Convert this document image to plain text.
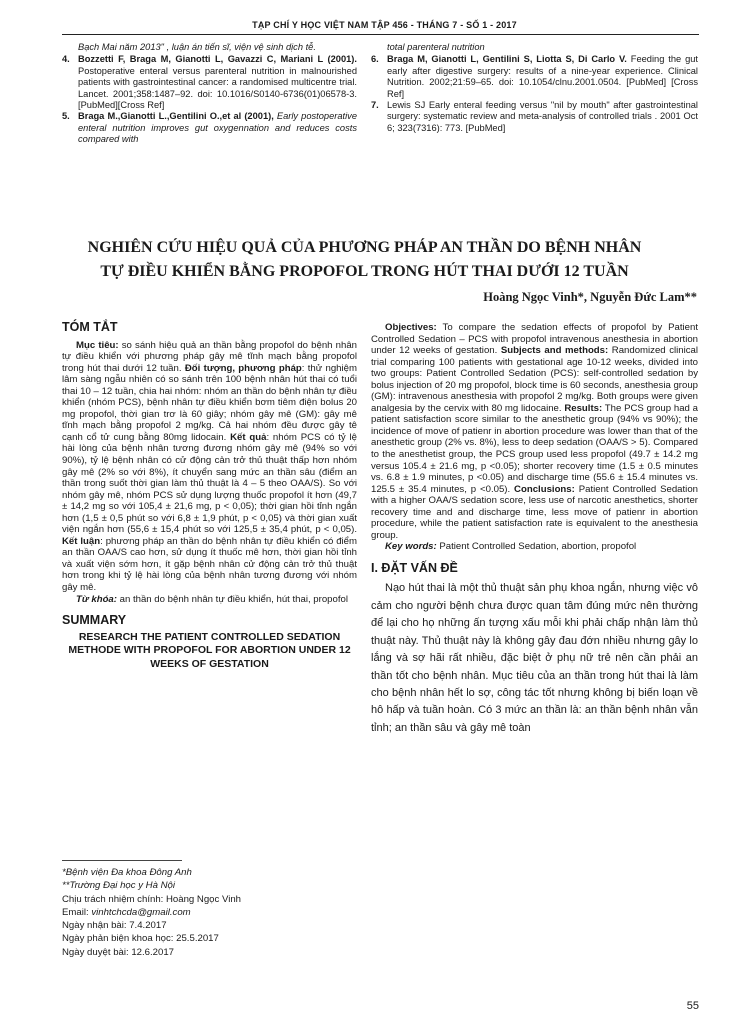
TẠP CHÍ Y HỌC VIỆT NAM TẬP 456 - THÁNG 7 - SỐ 1 - 2017

Bạch Mai năm 2013" , luận án tiến sĩ, viện vệ sinh dịch tễ.

4. Bozzetti F, Braga M, Gianotti L, Gavazzi C, Mariani L (2001). Postoperative enteral versus parenteral nutrition in malnourished patients with gastrointestinal cancer: a randomised multicentre trial. Lancet. 2001;358:1487–92. doi: 10.1016/S0140-6736(01)06578-3.[PubMed][Cross Ref]
5. Braga M.,Gianotti L.,Gentilini O.,et al (2001), Early postoperative enteral nutrition improves gut oxygennation and reduces costs compared with

total parenteral nutrition

6. Braga M, Gianotti L, Gentilini S, Liotta S, Di Carlo V. Feeding the gut early after digestive surgery: results of a nine-year experience. Clinical Nutrition. 2002;21:59–65. doi: 10.1054/clnu.2001.0504. [PubMed] [Cross Ref]
7. Lewis SJ Early enteral feeding versus "nil by mouth" after gastrointestinal surgery: systematic review and meta-analysis of controlled trials . 2001 Oct 6; 323(7316): 773. [PubMed]
NGHIÊN CỨU HIỆU QUẢ CỦA PHƯƠNG PHÁP AN THẦN DO BỆNH NHÂN
TỰ ĐIỀU KHIỂN BẰNG PROPOFOL TRONG HÚT THAI DƯỚI 12 TUẦN
Hoàng Ngọc Vinh*, Nguyễn Đức Lam**
TÓM TẮT

Mục tiêu: so sánh hiệu quả an thần bằng propofol do bệnh nhân tự điều khiển với phương pháp gây mê tĩnh mạch bằng propofol trong hút thai dưới 12 tuần. Đối tượng, phương pháp: thử nghiệm lâm sàng ngẫu nhiên có so sánh trên 100 bệnh nhân hút thai có tuổi thai 10 – 12 tuần, chia hai nhóm: nhóm an thần do bệnh nhân tự điều khiển (nhóm PCS), bệnh nhân tự điều khiển bơm tiêm điện bolus 20 mg propofol, thời gian trơ là 60 giây; nhóm gây mê (GM): gây mê tĩnh mạch bằng propofol 2 mg/kg. Cả hai nhóm đều được gây tê cạnh cổ tử cung bằng 80mg lidocain. Kết quả: nhóm PCS có tỷ lệ hài lòng của bệnh nhân tương đương nhóm gây mê (94% so với 90%), tỷ lệ bệnh nhân có cử động cản trở thủ thuật thấp hơn nhóm gây mê (2% so với 8%), ít chuyển sang mức an thần sâu (điểm an thần trong suốt thời gian làm thủ thuật là 4 – 5 theo OAA/S). So với nhóm gây mê, nhóm PCS sử dụng lượng thuốc propofol ít hơn (49,7 ± 14,2 mg so với 105,4 ± 21,6 mg, p < 0,05); thời gian hồi tỉnh ngắn hơn (1,5 ± 0,5 phút so với 6,8 ± 1,9 phút, p < 0,05) và thời gian xuất viện ngắn hơn (55,6 ± 15,4 phút so với 125,5 ± 35,4 phút, p < 0,05). Kết luận: phương pháp an thần do bệnh nhân tự điều khiển có điểm an thần OAA/S cao hơn, sử dụng ít thuốc mê hơn, thời gian hồi tỉnh và xuất viện sớm hơn, ít gặp bệnh nhân cử động cản trở thủ thuật hơn trong khi tỷ lệ hài lòng của bệnh nhân tương đương với nhóm gây mê.

Từ khóa: an thần do bệnh nhân tự điều khiển, hút thai, propofol

SUMMARY
RESEARCH THE PATIENT CONTROLLED SEDATION METHODE WITH PROPOFOL FOR ABORTION UNDER 12 WEEKS OF GESTATION
*Bệnh viện Đa khoa Đông Anh
**Trường Đại học y Hà Nội
Chịu trách nhiệm chính: Hoàng Ngọc Vinh
Email: vinhtchcda@gmail.com
Ngày nhận bài: 7.4.2017
Ngày phản biện khoa học: 25.5.2017
Ngày duyệt bài: 12.6.2017

Objectives: To compare the sedation effects of propofol by Patient Controlled Sedation – PCS with propofol intravenous anesthesia in abortion under 12 weeks of gestation. Subjects and methods: Randomized clinical trial comparing 100 patients with gestational age 10-12 weeks, divided into two groups: Patient Controlled Sedation (PCS): self-controlled sedation by bolus injection of 20 mg propofol, block time is 60 seconds, anesthesia group (GM): intravenous anesthesia with propofol 2 mg/kg. Both groups were given analgesia by the cervix with 80 mg lidocaine. Results: The PCS group had a patient satisfaction score similar to the anesthetic group (94% vs 90%); the incidence of move of patienr in abortion procedure was lower than that of the anesthetic group (2% vs. 8%), less to deep sedation (OAA/S > 5). Compared to the anesthetist group, the PCS group used less propofol (49.7 ± 14.2 mg versus 105.4 ± 21.6 mg, p <0.05); shorter recovery time (1.5 ± 0.5 minutes vs. 6.8 ± 1.9 minutes, p <0.05) and discharge time (55.6 ± 15.4 minutes vs. 125.5 ± 35.4 minutes, p <0.05). Conclusions: Patient Controlled Sedation with a higher OAA/S sedation score, less use of narcotic anesthetics, shorter recovery time and and discharge time, less move of patienr in abortion procedure, while the patient satisfaction rate is equivalent to the anesthesia group.

Key words: Patient Controlled Sedation, abortion, propofol

I. ĐẶT VẤN ĐỀ

Nạo hút thai là một thủ thuật sản phụ khoa ngắn, nhưng việc vô cảm cho người bệnh chưa được quan tâm đúng mức nên thường để lại cho họ những ấn tượng xấu mỗi khi phải chấp nhận làm thủ thuật này. Thủ thuật này là không gây đau đớn nhiều nhưng gây lo lắng và sợ hãi rất nhiều, đặc biệt ở phụ nữ trẻ nên cần phải an thần tốt cho bệnh nhân. Mục tiêu của an thần trong hút thai là làm cho bệnh nhân hết lo sợ, công tác tốt nhưng không bị biến loạn về hô hấp và tuần hoàn. Có 3 mức an thần là: an thần bệnh nhân vẫn tỉnh; an thần sâu và gây mê toàn

55
